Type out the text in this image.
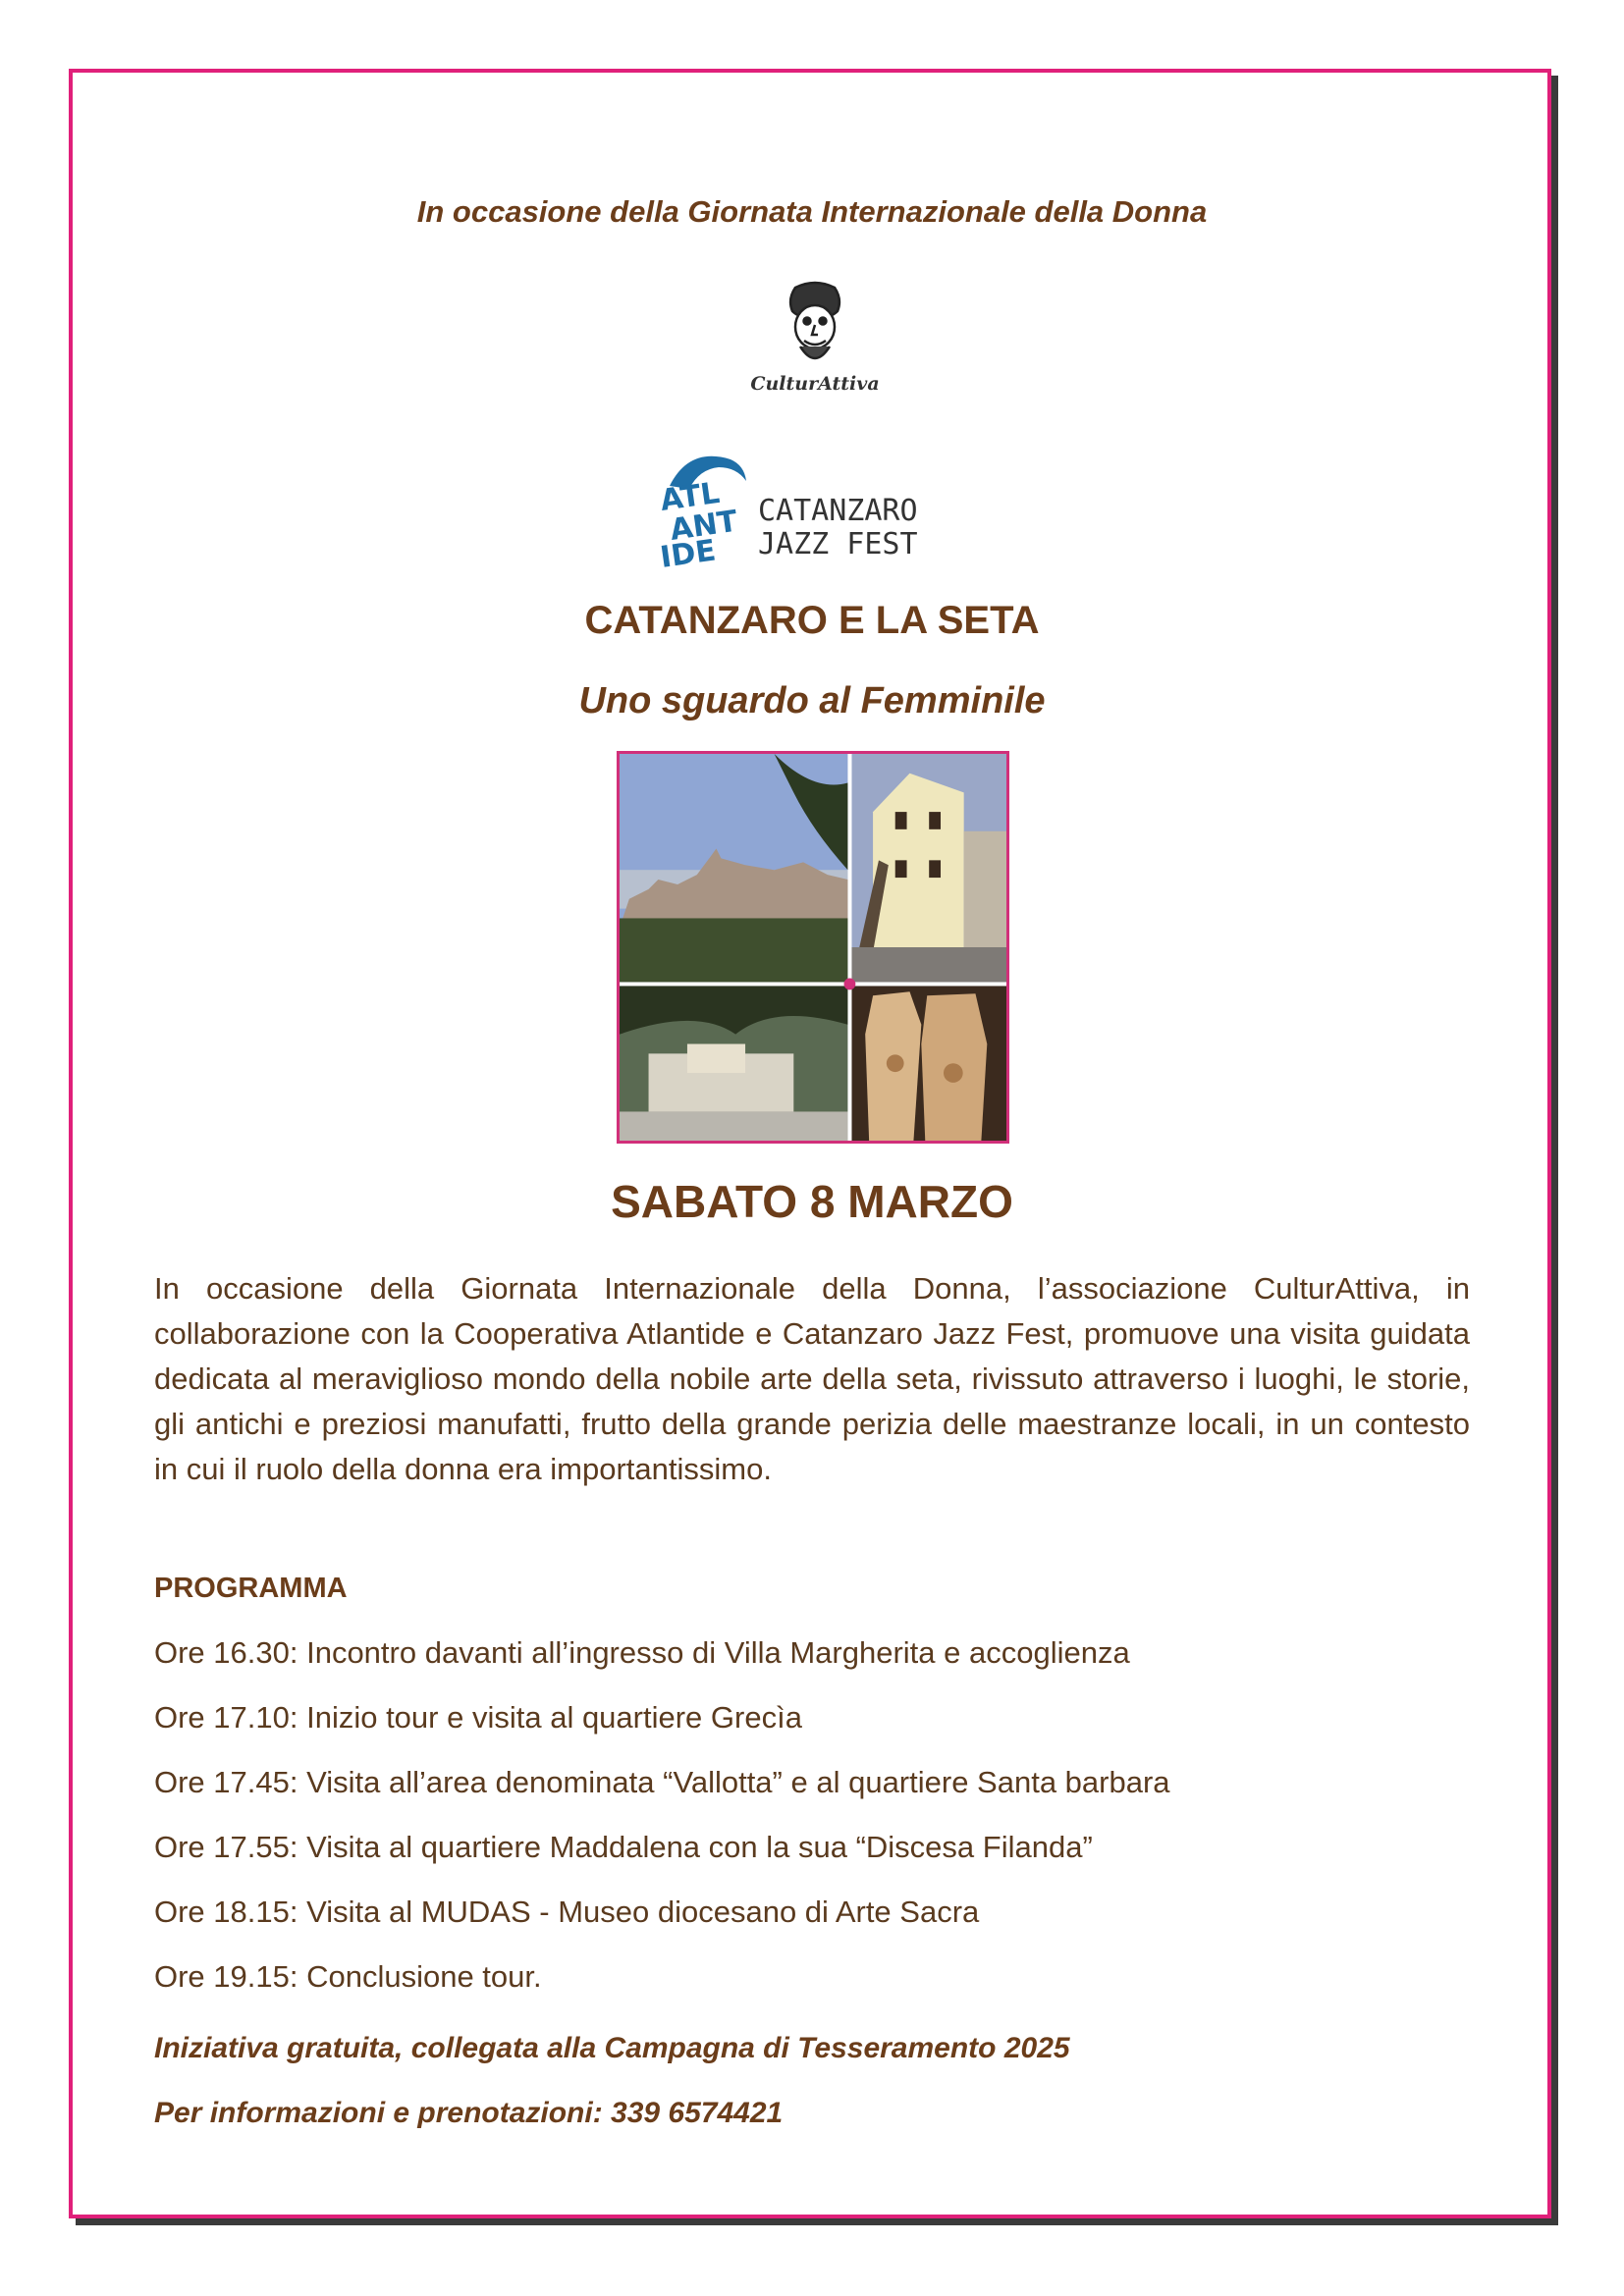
In occasione della Giornata Internazionale della Donna
CulturAttiva
ATL
ANT
IDE
CATANZARO
JAZZ FEST
CATANZARO E LA SETA
Uno sguardo al Femminile
SABATO 8 MARZO
In occasione della Giornata Internazionale della Donna, l’associazione CulturAttiva, in collaborazione con la Cooperativa Atlantide e Catanzaro Jazz Fest, promuove una visita guidata dedicata al meraviglioso mondo della nobile arte della seta, rivissuto attraverso i luoghi, le storie, gli antichi e preziosi manufatti, frutto della grande perizia delle maestranze locali, in un contesto in cui il ruolo della donna era importantissimo.
PROGRAMMA
Ore 16.30: Incontro davanti all’ingresso di Villa Margherita e accoglienza
Ore 17.10: Inizio tour e visita al quartiere Grecìa
Ore 17.45: Visita all’area denominata “Vallotta” e al quartiere Santa barbara
Ore 17.55: Visita al quartiere Maddalena con la sua “Discesa Filanda”
Ore 18.15: Visita al MUDAS - Museo diocesano di Arte Sacra
Ore 19.15: Conclusione tour.
Iniziativa gratuita, collegata alla Campagna di Tesseramento 2025
Per informazioni e prenotazioni: 339 6574421
